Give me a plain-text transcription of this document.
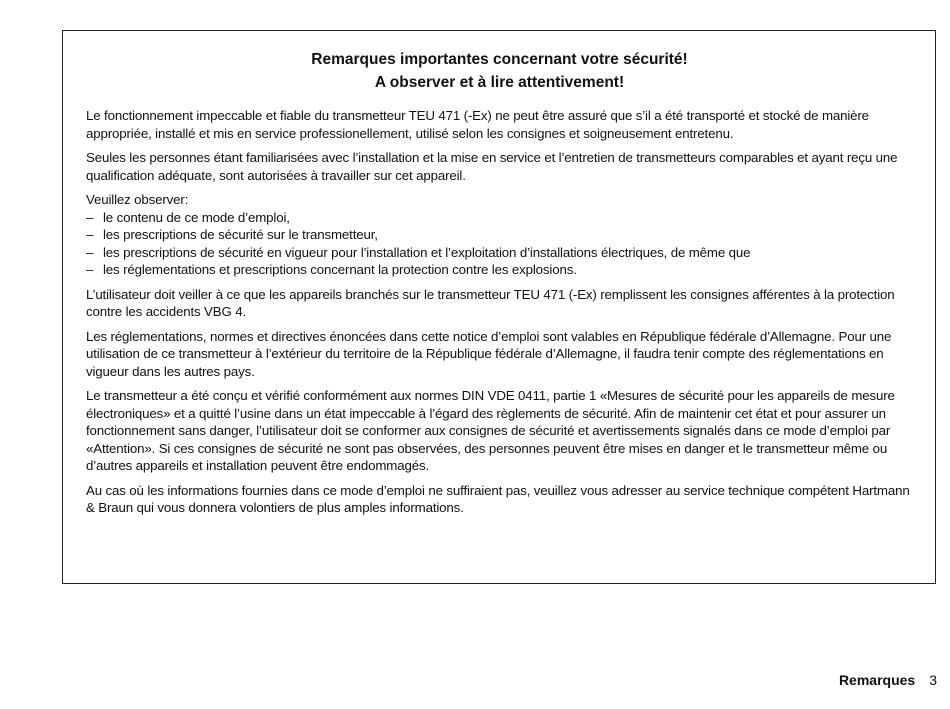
Remarques importantes concernant votre sécurité!

A observer et à lire attentivement!

Le fonctionnement impeccable et fiable du transmetteur TEU 471 (-Ex) ne peut être assuré que s’il a été transporté et stocké de manière appropriée, installé et mis en service professionellement, utilisé selon les consignes et soigneusement entretenu.

Seules les personnes étant familiarisées avec l’installation et la mise en service et l’entretien de transmetteurs comparables et ayant reçu une qualification adéquate, sont autorisées à travailler sur cet appareil.

Veuillez observer:
– le contenu de ce mode d’emploi,
– les prescriptions de sécurité sur le transmetteur,
– les prescriptions de sécurité en vigueur pour l’installation et l’exploitation d’installations électriques, de même que
– les réglementations et prescriptions concernant la protection contre les explosions.

L’utilisateur doit veiller à ce que les appareils branchés sur le transmetteur TEU 471 (-Ex) remplissent les consignes afférentes à la protection contre les accidents VBG 4.

Les réglementations, normes et directives énoncées dans cette notice d’emploi sont valables en République fédérale d’Allemagne. Pour une utilisation de ce transmetteur à l’extérieur du territoire de la République fédérale d’Allemagne, il faudra tenir compte des réglementations en vigueur dans les autres pays.

Le transmetteur a été conçu et vérifié conformément aux normes DIN VDE 0411, partie 1 «Mesures de sécurité pour les appareils de mesure électroniques» et a quitté l’usine dans un état impeccable à l’égard des règlements de sécurité. Afin de maintenir cet état et pour assurer un fonctionnement sans danger, l’utilisateur doit se conformer aux consignes de sécurité et avertissements signalés dans ce mode d’emploi par «Attention». Si ces consignes de sécurité ne sont pas observées, des personnes peuvent être mises en danger et le transmetteur même ou d’autres appareils et installation peuvent être endommagés.

Au cas où les informations fournies dans ce mode d’emploi ne suffiraient pas, veuillez vous adresser au service technique compétent Hartmann & Braun qui vous donnera volontiers de plus amples informations.

Remarques 3
